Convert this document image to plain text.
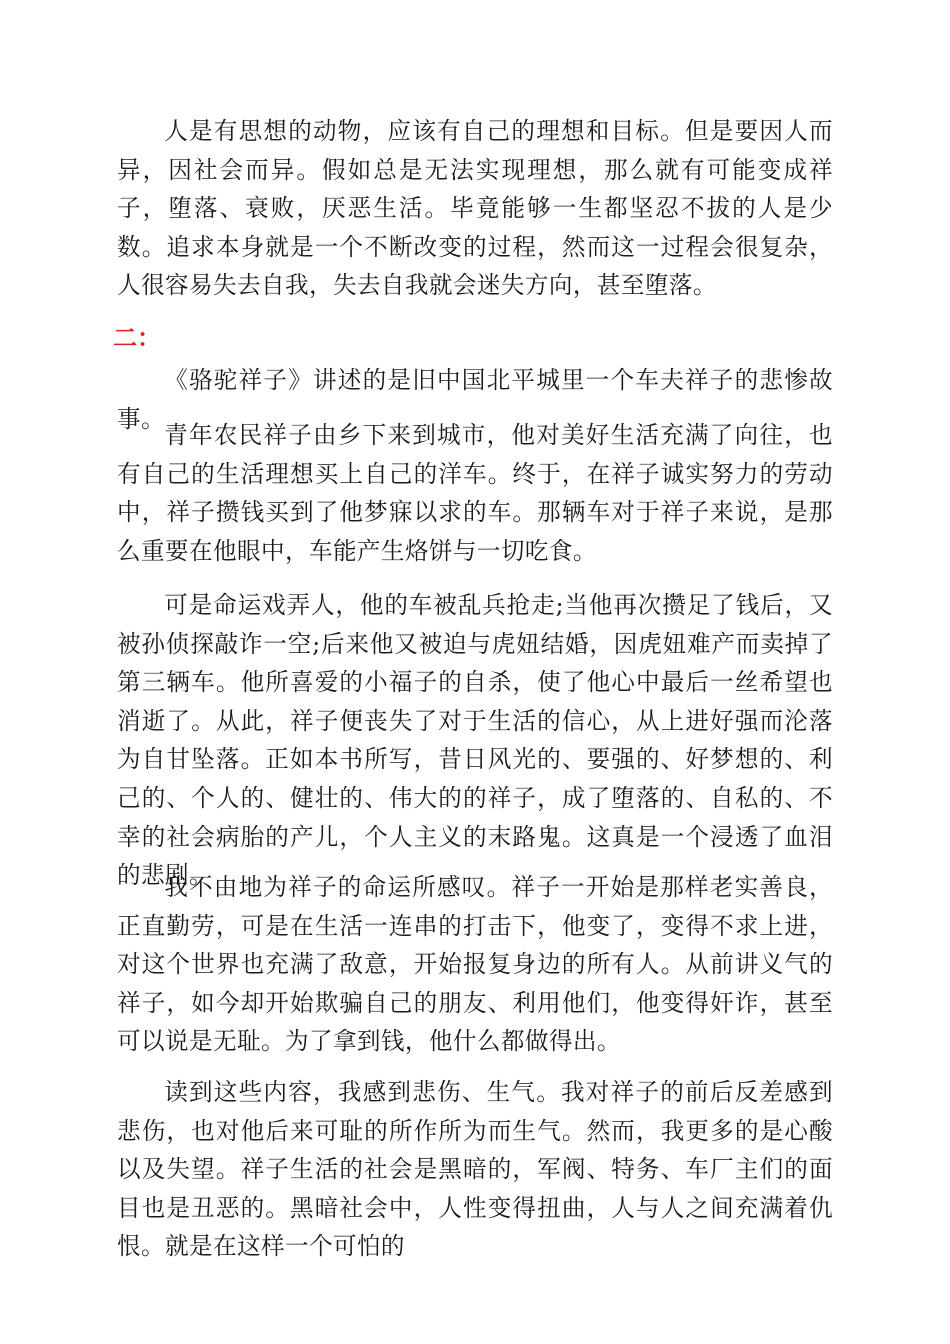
人是有思想的动物，应该有自己的理想和目标。但是要因人而异，因社会而异。假如总是无法实现理想，那么就有可能变成祥子，堕落、衰败，厌恶生活。毕竟能够一生都坚忍不拔的人是少数。追求本身就是一个不断改变的过程，然而这一过程会很复杂，人很容易失去自我，失去自我就会迷失方向，甚至堕落。

二：

《骆驼祥子》讲述的是旧中国北平城里一个车夫祥子的悲惨故事。

青年农民祥子由乡下来到城市，他对美好生活充满了向往，也有自己的生活理想买上自己的洋车。终于，在祥子诚实努力的劳动中，祥子攒钱买到了他梦寐以求的车。那辆车对于祥子来说，是那么重要在他眼中，车能产生烙饼与一切吃食。

可是命运戏弄人，他的车被乱兵抢走;当他再次攒足了钱后，又被孙侦探敲诈一空;后来他又被迫与虎妞结婚，因虎妞难产而卖掉了第三辆车。他所喜爱的小福子的自杀，使了他心中最后一丝希望也消逝了。从此，祥子便丧失了对于生活的信心，从上进好强而沦落为自甘坠落。正如本书所写，昔日风光的、要强的、好梦想的、利己的、个人的、健壮的、伟大的的祥子，成了堕落的、自私的、不幸的社会病胎的产儿，个人主义的末路鬼。这真是一个浸透了血泪的悲剧。

我不由地为祥子的命运所感叹。祥子一开始是那样老实善良，正直勤劳，可是在生活一连串的打击下，他变了，变得不求上进，对这个世界也充满了敌意，开始报复身边的所有人。从前讲义气的祥子，如今却开始欺骗自己的朋友、利用他们，他变得奸诈，甚至可以说是无耻。为了拿到钱，他什么都做得出。

读到这些内容，我感到悲伤、生气。我对祥子的前后反差感到悲伤，也对他后来可耻的所作所为而生气。然而，我更多的是心酸以及失望。祥子生活的社会是黑暗的，军阀、特务、车厂主们的面目也是丑恶的。黑暗社会中，人性变得扭曲，人与人之间充满着仇恨。就是在这样一个可怕的
